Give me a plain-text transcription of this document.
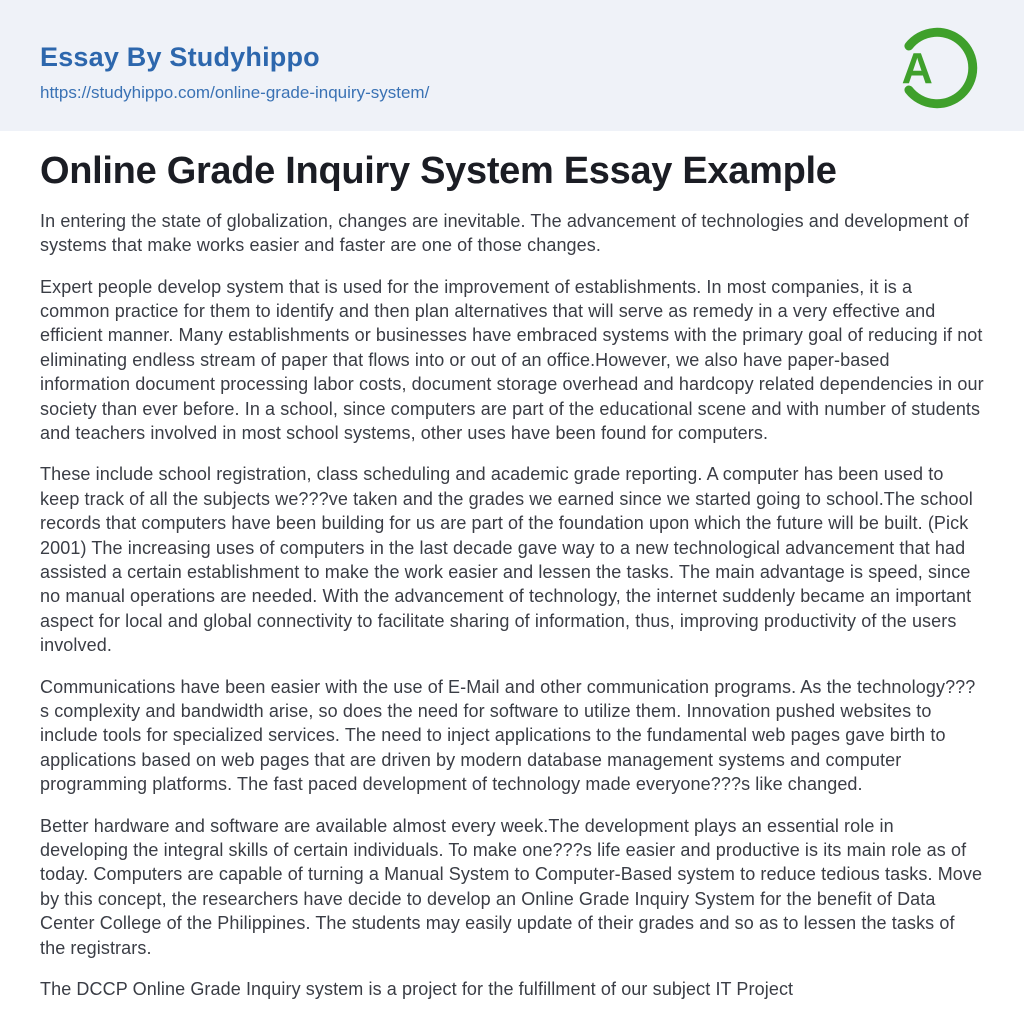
Essay By Studyhippo
https://studyhippo.com/online-grade-inquiry-system/	A
Online Grade Inquiry System Essay Example

In entering the state of globalization, changes are inevitable. The advancement of technologies and development of systems that make works easier and faster are one of those changes.

Expert people develop system that is used for the improvement of establishments. In most companies, it is a common practice for them to identify and then plan alternatives that will serve as remedy in a very effective and efficient manner. Many establishments or businesses have embraced systems with the primary goal of reducing if not eliminating endless stream of paper that flows into or out of an office.However, we also have paper-based information document processing labor costs, document storage overhead and hardcopy related dependencies in our society than ever before. In a school, since computers are part of the educational scene and with number of students and teachers involved in most school systems, other uses have been found for computers.

These include school registration, class scheduling and academic grade reporting. A computer has been used to keep track of all the subjects we???ve taken and the grades we earned since we started going to school.The school records that computers have been building for us are part of the foundation upon which the future will be built. (Pick 2001) The increasing uses of computers in the last decade gave way to a new technological advancement that had assisted a certain establishment to make the work easier and lessen the tasks. The main advantage is speed, since no manual operations are needed. With the advancement of technology, the internet suddenly became an important aspect for local and global connectivity to facilitate sharing of information, thus, improving productivity of the users involved.

Communications have been easier with the use of E-Mail and other communication programs. As the technology???s complexity and bandwidth arise, so does the need for software to utilize them. Innovation pushed websites to include tools for specialized services. The need to inject applications to the fundamental web pages gave birth to applications based on web pages that are driven by modern database management systems and computer programming platforms. The fast paced development of technology made everyone???s like changed.

Better hardware and software are available almost every week.The development plays an essential role in developing the integral skills of certain individuals. To make one???s life easier and productive is its main role as of today. Computers are capable of turning a Manual System to Computer-Based system to reduce tedious tasks. Move by this concept, the researchers have decide to develop an Online Grade Inquiry System for the benefit of Data Center College of the Philippines. The students may easily update of their grades and so as to lessen the tasks of the registrars.

The DCCP Online Grade Inquiry system is a project for the fulfillment of our subject IT Project
